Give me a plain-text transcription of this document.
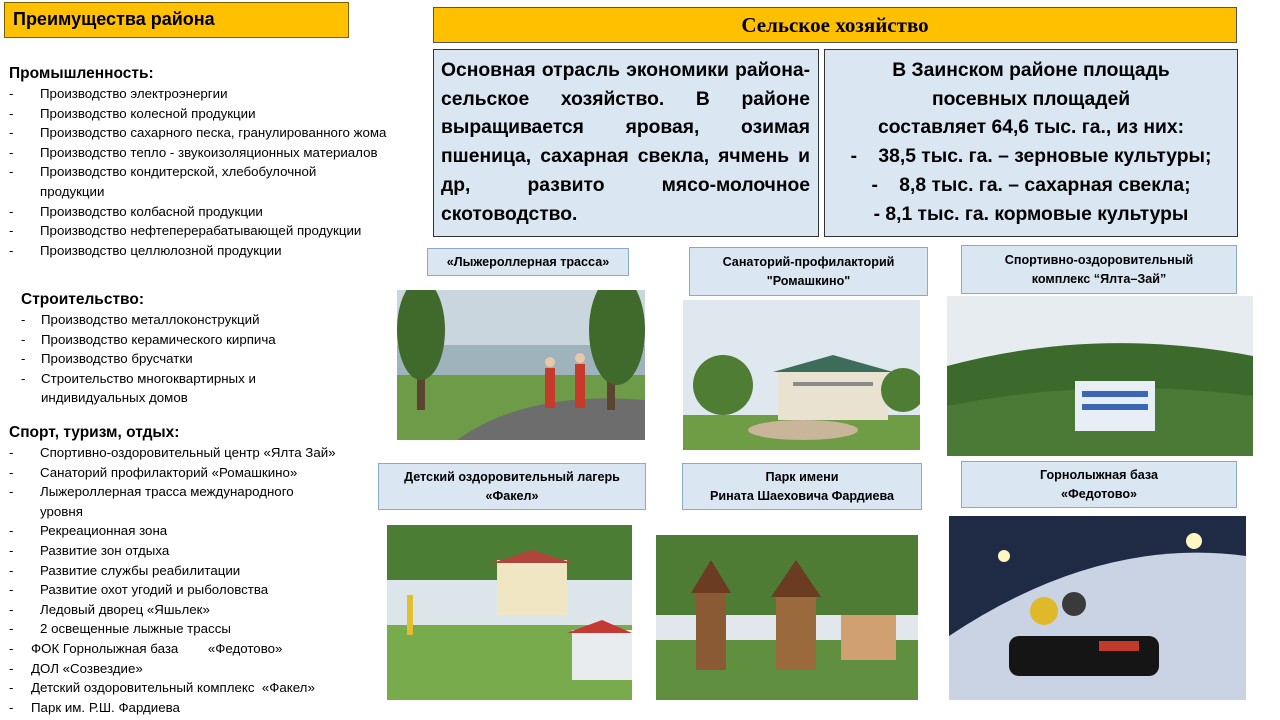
Преимущества района	Сельское хозяйство
Промышленность:
- Производство электроэнергии
- Производство колесной продукции
- Производство сахарного песка, гранулированного жома
- Производство тепло - звукоизоляционных материалов
- Производство кондитерской, хлебобулочной продукции
- Производство колбасной продукции
- Производство нефтеперерабатывающей продукции
- Производство целлюлозной продукции
Строительство:
- Производство металлоконструкций
- Производство керамического кирпича
- Производство брусчатки
- Строительство многоквартирных и индивидуальных домов
Спорт, туризм, отдых:
- Спортивно-оздоровительный центр «Ялта Зай»
- Санаторий профилакторий «Ромашкино»
- Лыжероллерная трасса международного уровня
- Рекреационная зона
- Развитие зон отдыха
- Развитие службы реабилитации
- Развитие охот угодий и рыболовства
- Ледовый дворец «Яшьлек»
- 2 освещенные лыжные трассы
- ФОК Горнолыжная база        «Федотово»
- ДОЛ «Созвездие»
- Детский оздоровительный комплекс  «Факел»
- Парк им. Р.Ш. Фардиева
Основная отрасль экономики района-сельское хозяйство. В районе выращивается яровая, озимая пшеница, сахарная свекла, ячмень и др, развито мясо-молочное скотоводство.
В Заинском районе площадь
посевных площадей
составляет 64,6 тыс. га., из них:
-    38,5 тыс. га. – зерновые культуры;
-    8,8 тыс. га. – сахарная свекла;
- 8,1 тыс. га. кормовые культуры
«Лыжероллерная трасса»	Санаторий-профилакторий
"Ромашкино"
Спортивно-оздоровительный
комплекс “Ялта–Зай”
Детский оздоровительный лагерь
«Факел»
Парк имени
Рината Шаеховича Фардиева
Горнолыжная база
«Федотово»
